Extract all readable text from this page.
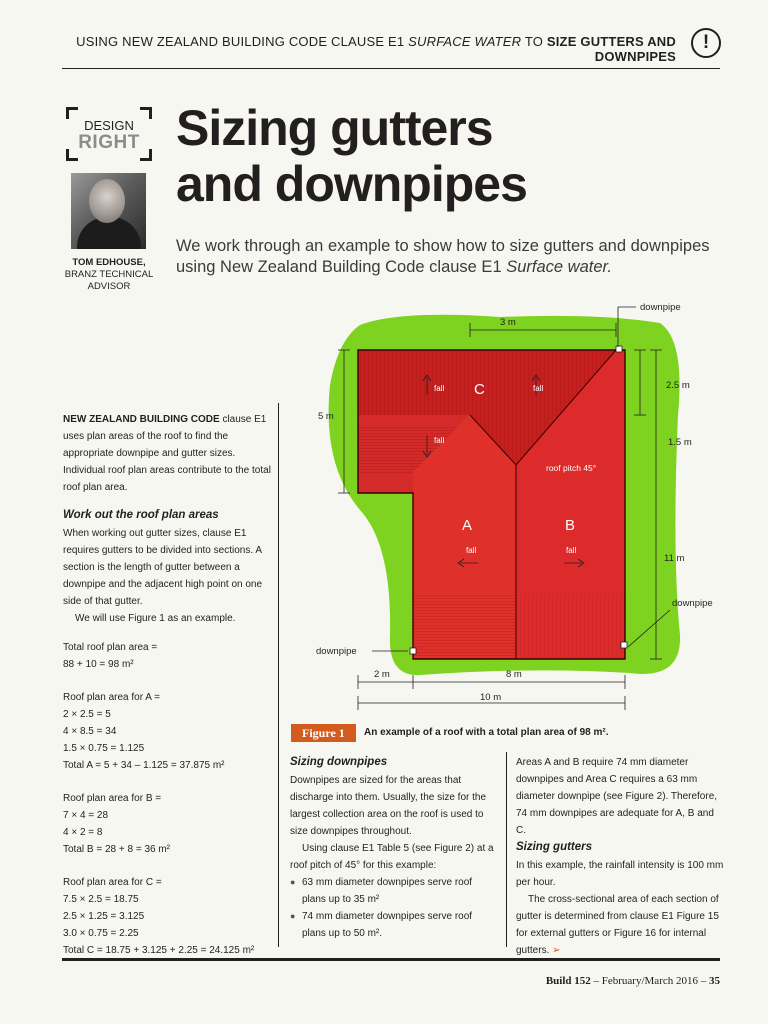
USING NEW ZEALAND BUILDING CODE CLAUSE E1 SURFACE WATER TO SIZE GUTTERS AND DOWNPIPES
!
DESIGN
RIGHT Sizing gutters
and downpipes
TOM EDHOUSE,
BRANZ TECHNICAL
ADVISOR
We work through an example to show how to size gutters and downpipes using New Zealand Building Code clause E1 Surface water.
downpipe
3 m
5 m
2.5 m
1.5 m
11 m
downpipe
downpipe
2 m	8 m
10 m
C
A	B
fall	fall
fall
fall	fall
roof pitch 45°
Figure 1	An example of a roof with a total plan area of 98 m².

NEW ZEALAND BUILDING CODE clause E1 uses plan areas of the roof to find the appropriate downpipe and gutter sizes. Individual roof plan areas contribute to the total roof plan area.

Work out the roof plan areas

When working out gutter sizes, clause E1 requires gutters to be divided into sections. A section is the length of gutter between a downpipe and the adjacent high point on one side of that gutter.

We will use Figure 1 as an example.

Total roof plan area =
88 + 10 = 98 m²
Roof plan area for A =
2 × 2.5 = 5
4 × 8.5 = 34
1.5 × 0.75 = 1.125
Total A = 5 + 34 – 1.125 = 37.875 m²
Roof plan area for B =
7 × 4 = 28
4 × 2 = 8
Total B = 28 + 8 = 36 m²
Roof plan area for C =
7.5 × 2.5 = 18.75
2.5 × 1.25 = 3.125
3.0 × 0.75 = 2.25
Total C = 18.75 + 3.125 + 2.25 = 24.125 m²
Sizing downpipes

Downpipes are sized for the areas that discharge into them. Usually, the size for the largest collection area on the roof is used to size downpipes throughout.

Using clause E1 Table 5 (see Figure 2) at a roof pitch of 45° for this example:

● 63 mm diameter downpipes serve roof plans up to 35 m²

● 74 mm diameter downpipes serve roof plans up to 50 m².

Areas A and B require 74 mm diameter downpipes and Area C requires a 63 mm diameter downpipe (see Figure 2). Therefore, 74 mm downpipes are adequate for A, B and C.

Sizing gutters

In this example, the rainfall intensity is 100 mm per hour.

The cross-sectional area of each section of gutter is determined from clause E1 Figure 15 for external gutters or Figure 16 for internal gutters. ➢

Build 152 – February/March 2016 – 35
